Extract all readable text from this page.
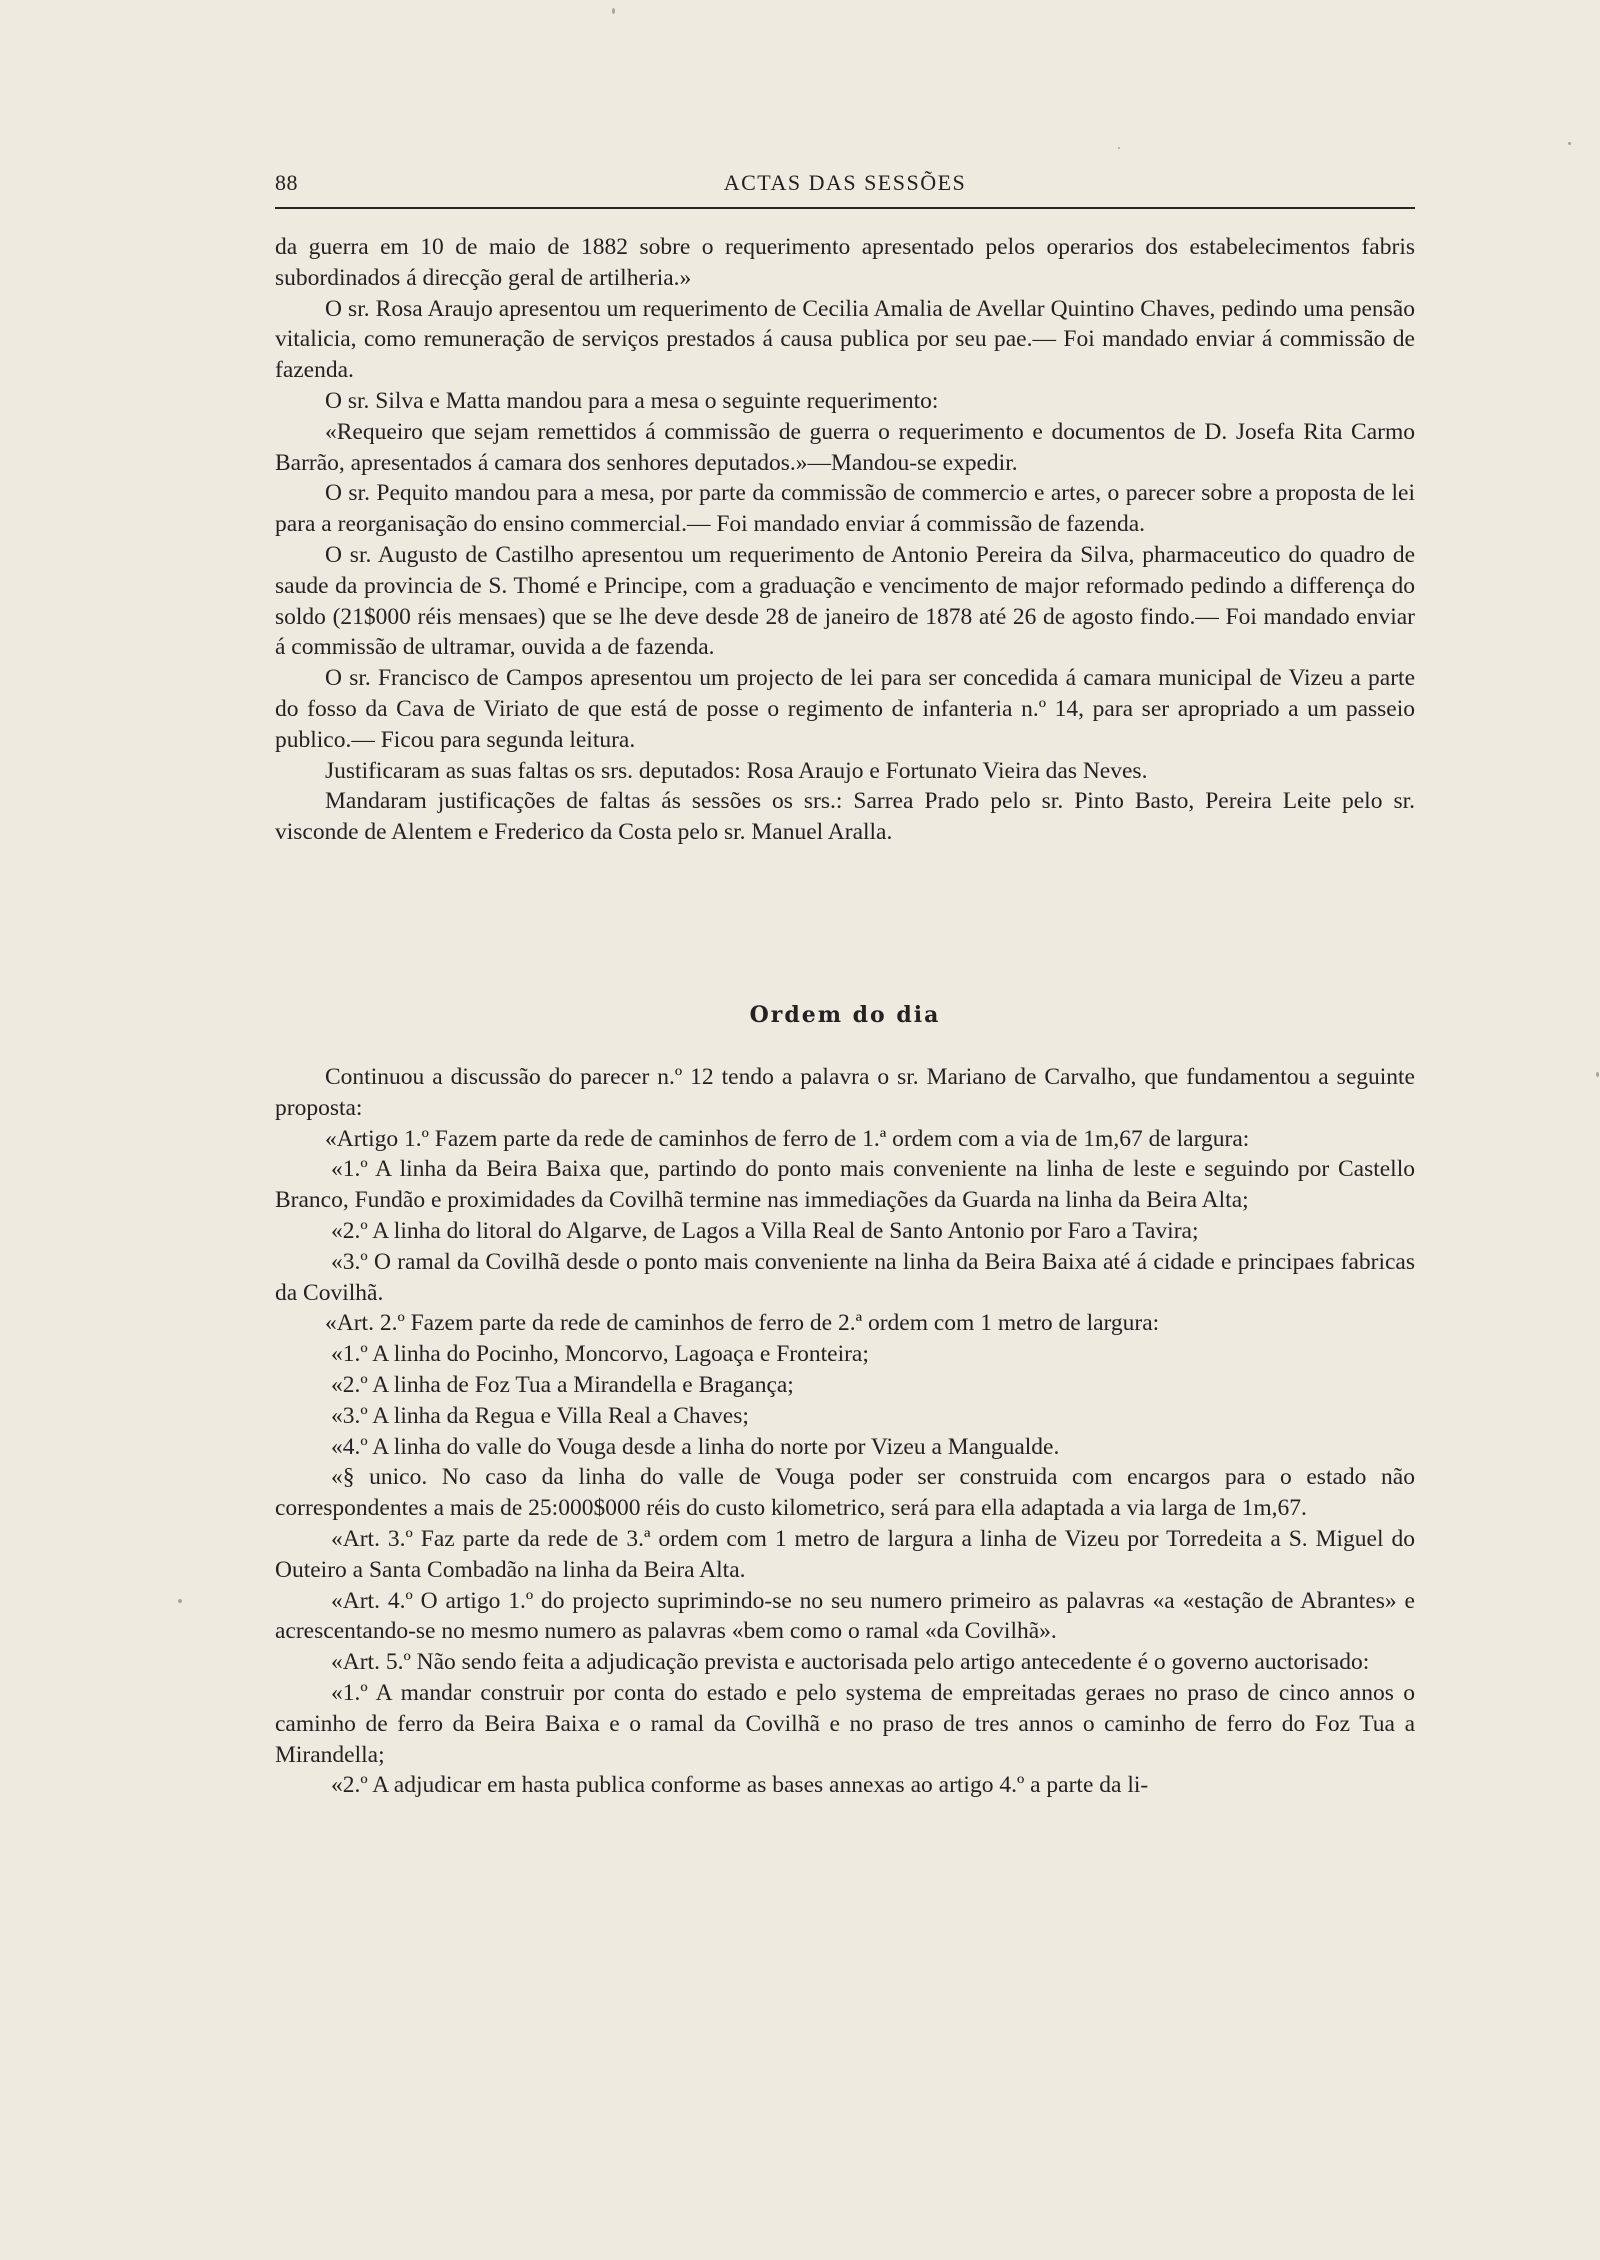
88	ACTAS DAS SESSÕES

da guerra em 10 de maio de 1882 sobre o requerimento apresentado pelos operarios dos estabelecimentos fabris subordinados á direcção geral de artilheria.»

O sr. Rosa Araujo apresentou um requerimento de Cecilia Amalia de Avellar Quintino Chaves, pedindo uma pensão vitalicia, como remuneração de serviços prestados á causa publica por seu pae.— Foi mandado enviar á commissão de fazenda.

O sr. Silva e Matta mandou para a mesa o seguinte requerimento:

«Requeiro que sejam remettidos á commissão de guerra o requerimento e documentos de D. Josefa Rita Carmo Barrão, apresentados á camara dos senhores deputados.»—Mandou-se expedir.

O sr. Pequito mandou para a mesa, por parte da commissão de commercio e artes, o parecer sobre a proposta de lei para a reorganisação do ensino commercial.— Foi mandado enviar á commissão de fazenda.

O sr. Augusto de Castilho apresentou um requerimento de Antonio Pereira da Silva, pharmaceutico do quadro de saude da provincia de S. Thomé e Principe, com a graduação e vencimento de major reformado pedindo a differença do soldo (21$000 réis mensaes) que se lhe deve desde 28 de janeiro de 1878 até 26 de agosto findo.— Foi mandado enviar á commissão de ultramar, ouvida a de fazenda.

O sr. Francisco de Campos apresentou um projecto de lei para ser concedida á camara municipal de Vizeu a parte do fosso da Cava de Viriato de que está de posse o regimento de infanteria n.º 14, para ser apropriado a um passeio publico.— Ficou para segunda leitura.

Justificaram as suas faltas os srs. deputados: Rosa Araujo e Fortunato Vieira das Neves.

Mandaram justificações de faltas ás sessões os srs.: Sarrea Prado pelo sr. Pinto Basto, Pereira Leite pelo sr. visconde de Alentem e Frederico da Costa pelo sr. Manuel Aralla.

Ordem do dia

Continuou a discussão do parecer n.º 12 tendo a palavra o sr. Mariano de Carvalho, que fundamentou a seguinte proposta:

«Artigo 1.º Fazem parte da rede de caminhos de ferro de 1.ª ordem com a via de 1m,67 de largura:

«1.º A linha da Beira Baixa que, partindo do ponto mais conveniente na linha de leste e seguindo por Castello Branco, Fundão e proximidades da Covilhã termine nas immediações da Guarda na linha da Beira Alta;

«2.º A linha do litoral do Algarve, de Lagos a Villa Real de Santo Antonio por Faro a Tavira;

«3.º O ramal da Covilhã desde o ponto mais conveniente na linha da Beira Baixa até á cidade e principaes fabricas da Covilhã.

«Art. 2.º Fazem parte da rede de caminhos de ferro de 2.ª ordem com 1 metro de largura:

«1.º A linha do Pocinho, Moncorvo, Lagoaça e Fronteira;

«2.º A linha de Foz Tua a Mirandella e Bragança;

«3.º A linha da Regua e Villa Real a Chaves;

«4.º A linha do valle do Vouga desde a linha do norte por Vizeu a Mangualde.

«§ unico. No caso da linha do valle de Vouga poder ser construida com encargos para o estado não correspondentes a mais de 25:000$000 réis do custo kilometrico, será para ella adaptada a via larga de 1m,67.

«Art. 3.º Faz parte da rede de 3.ª ordem com 1 metro de largura a linha de Vizeu por Torredeita a S. Miguel do Outeiro a Santa Combadão na linha da Beira Alta.

«Art. 4.º O artigo 1.º do projecto suprimindo-se no seu numero primeiro as palavras «a «estação de Abrantes» e acrescentando-se no mesmo numero as palavras «bem como o ramal «da Covilhã».

«Art. 5.º Não sendo feita a adjudicação prevista e auctorisada pelo artigo antecedente é o governo auctorisado:

«1.º A mandar construir por conta do estado e pelo systema de empreitadas geraes no praso de cinco annos o caminho de ferro da Beira Baixa e o ramal da Covilhã e no praso de tres annos o caminho de ferro do Foz Tua a Mirandella;

«2.º A adjudicar em hasta publica conforme as bases annexas ao artigo 4.º a parte da li-
